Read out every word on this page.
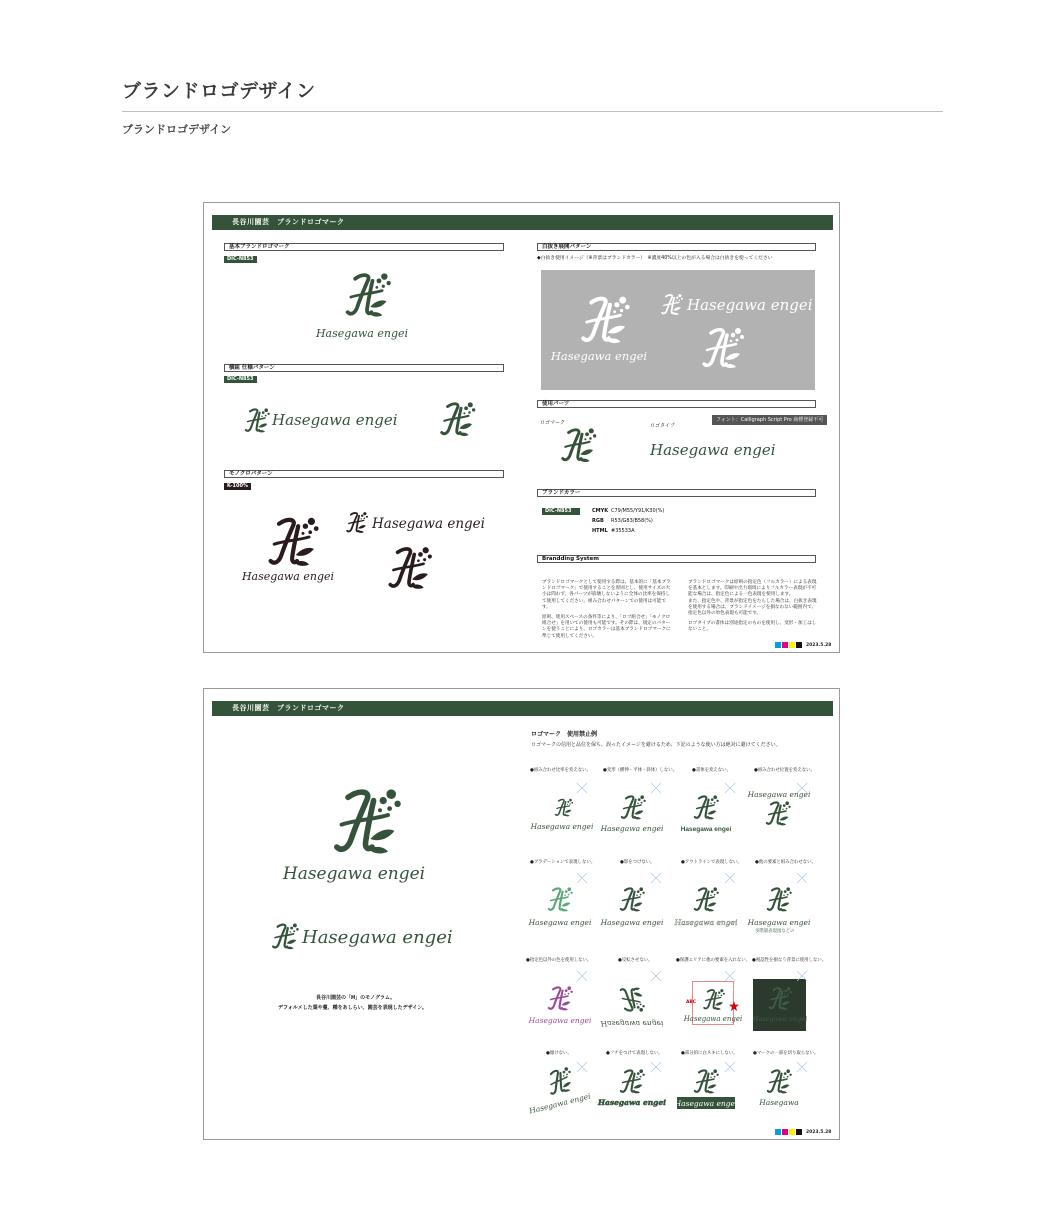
ブランドロゴデザイン
ブランドロゴデザイン
長谷川園芸　ブランドロゴマーク
基本ブランドロゴマーク
DIC-N853
Hasegawa engei
横組 仕様パターン
DIC-N853
Hasegawa engei
モノクロパターン
K-100%
Hasegawa engei
Hasegawa engei
白抜き展開パターン
◆白抜き使用イメージ（※背景はブランドカラー）　※濃度40%以上の色が入る場合は白抜きを使ってください
Hasegawa engei
Hasegawa engei
使用パーツ
フォント：Calligraph Script Pro 商標登録不可
ロゴマーク	ロゴタイプ
Hasegawa engei
ブランドカラー
DIC-N853	CMYK C79/M55/Y91/K30(%)
RGB R53/G83/B58(%)
HTML #35533A
Brandding System
ブランドロゴマークとして使用する際は、基本的に「基本ブランドロゴマーク」で使用することを原則とし、使用サイズの大小は問わず、各パーツが崩壊しないように全体の比率を保持して使用してください。組み合わせパターンでの使用は可能です。
原則、使用スペースの条件等により、「ロゴ組合せ」「モノクロ組合せ」を用いての使用も可能です。その際は、規定のパターンを使うことにより、ロゴカラーは基本ブランドロゴマークに準じて使用してください。
ブランドロゴマークは原則の指定色（フルカラー）による表現を基本とします。印刷や出力環境によりフルカラー表現が不可能な場合は、指定色による一色表現を使用します。
また、指定色や、背景が指定色をたらした場合は、白抜き表現を使用する場合は、ブランドイメージを損なわない範囲内で、指定色以外の単色表現も可能です。
ロゴタイプの書体は別途指定のものを使用し、変形・加工はしないこと。
2023.5.28
長谷川園芸　ブランドロゴマーク
Hasegawa engei
Hasegawa engei
長谷川園芸の「H」のモノグラム。
デフォルメした葉や蔓、種をあしらい、園芸を表現したデザイン。
ロゴマーク　使用禁止例
ロゴマークの信用と品位を保ち、誤ったイメージを避けるため、下記のような使い方は絶対に避けてください。
●組み合わせ比率を変えない。
Hasegawa engei
●変形（横伸・平体・斜体）しない。
Hasegawa engei
●書体を変えない。
Hasegawa engei
●組み合わせ位置を変えない。
Hasegawa engei
●グラデーションで表現しない。
Hasegawa engei
●影をつけない。
Hasegawa engei
●アウトラインで表現しない。
Hasegawa engei
●他の要素と組み合わせない。
Hasegawa engei
多階層表現図などの
●指定色以外の色を使用しない。
Hasegawa engei
●反転させない。
Hasegawa engei
●保護エリアに他の要素を入れない。
ABC
Hasegawa engei
●視認性を損なう背景に使用しない。
Hasegawa engei
●傾けない。
Hasegawa engei
●フチをつけて表現しない。
Hasegawa engei
●部分的に白ヌキにしない。
Hasegawa engei
●マークの一部を切り取らない。
Hasegawa
2023.5.28
